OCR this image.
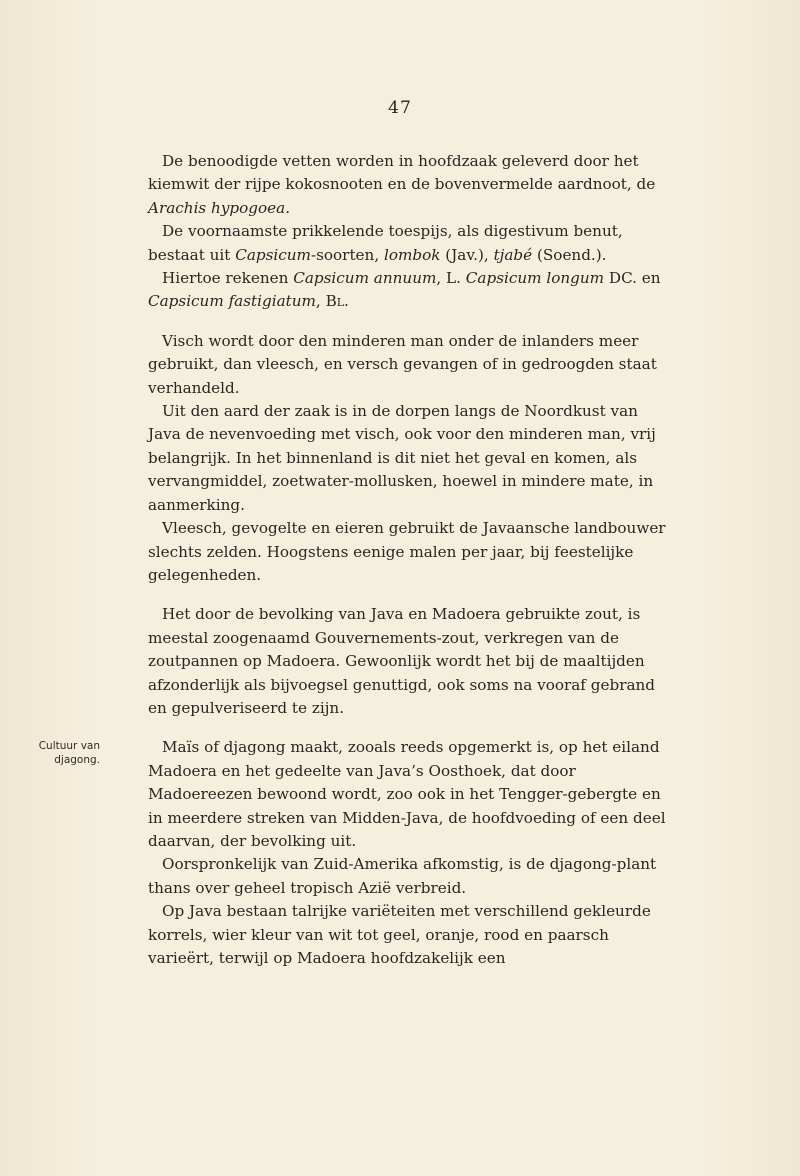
47

De benoodigde vetten worden in hoofdzaak geleverd door het kiemwit der rijpe kokosnooten en de bovenvermelde aardnoot, de Arachis hypogoea.

De voornaamste prikkelende toespijs, als digestivum benut, bestaat uit Capsicum-soorten, lombok (Jav.), tjabé (Soend.).

Hiertoe rekenen Capsicum annuum, L. Capsicum longum DC. en Capsicum fastigiatum, Bl.

Visch wordt door den minderen man onder de inlanders meer gebruikt, dan vleesch, en versch gevangen of in gedroogden staat verhandeld.

Uit den aard der zaak is in de dorpen langs de Noordkust van Java de nevenvoeding met visch, ook voor den minderen man, vrij belangrijk. In het binnenland is dit niet het geval en komen, als vervangmiddel, zoetwater-mollusken, hoewel in mindere mate, in aanmerking.

Vleesch, gevogelte en eieren gebruikt de Javaansche landbouwer slechts zelden. Hoogstens eenige malen per jaar, bij feestelijke gelegenheden.

Het door de bevolking van Java en Madoera gebruikte zout, is meestal zoogenaamd Gouvernements-zout, verkregen van de zoutpannen op Madoera. Gewoonlijk wordt het bij de maaltijden afzonderlijk als bijvoegsel genuttigd, ook soms na vooraf gebrand en gepulveriseerd te zijn.

Cultuur van
djagong.

Maïs of djagong maakt, zooals reeds opgemerkt is, op het eiland Madoera en het gedeelte van Java’s Oosthoek, dat door Madoereezen bewoond wordt, zoo ook in het Tengger-gebergte en in meerdere streken van Midden-Java, de hoofdvoeding of een deel daarvan, der bevolking uit.

Oorspronkelijk van Zuid-Amerika afkomstig, is de djagong-plant thans over geheel tropisch Azië verbreid.

Op Java bestaan talrijke variëteiten met verschillend gekleurde korrels, wier kleur van wit tot geel, oranje, rood en paarsch varieërt, terwijl op Madoera hoofdzakelijk een
